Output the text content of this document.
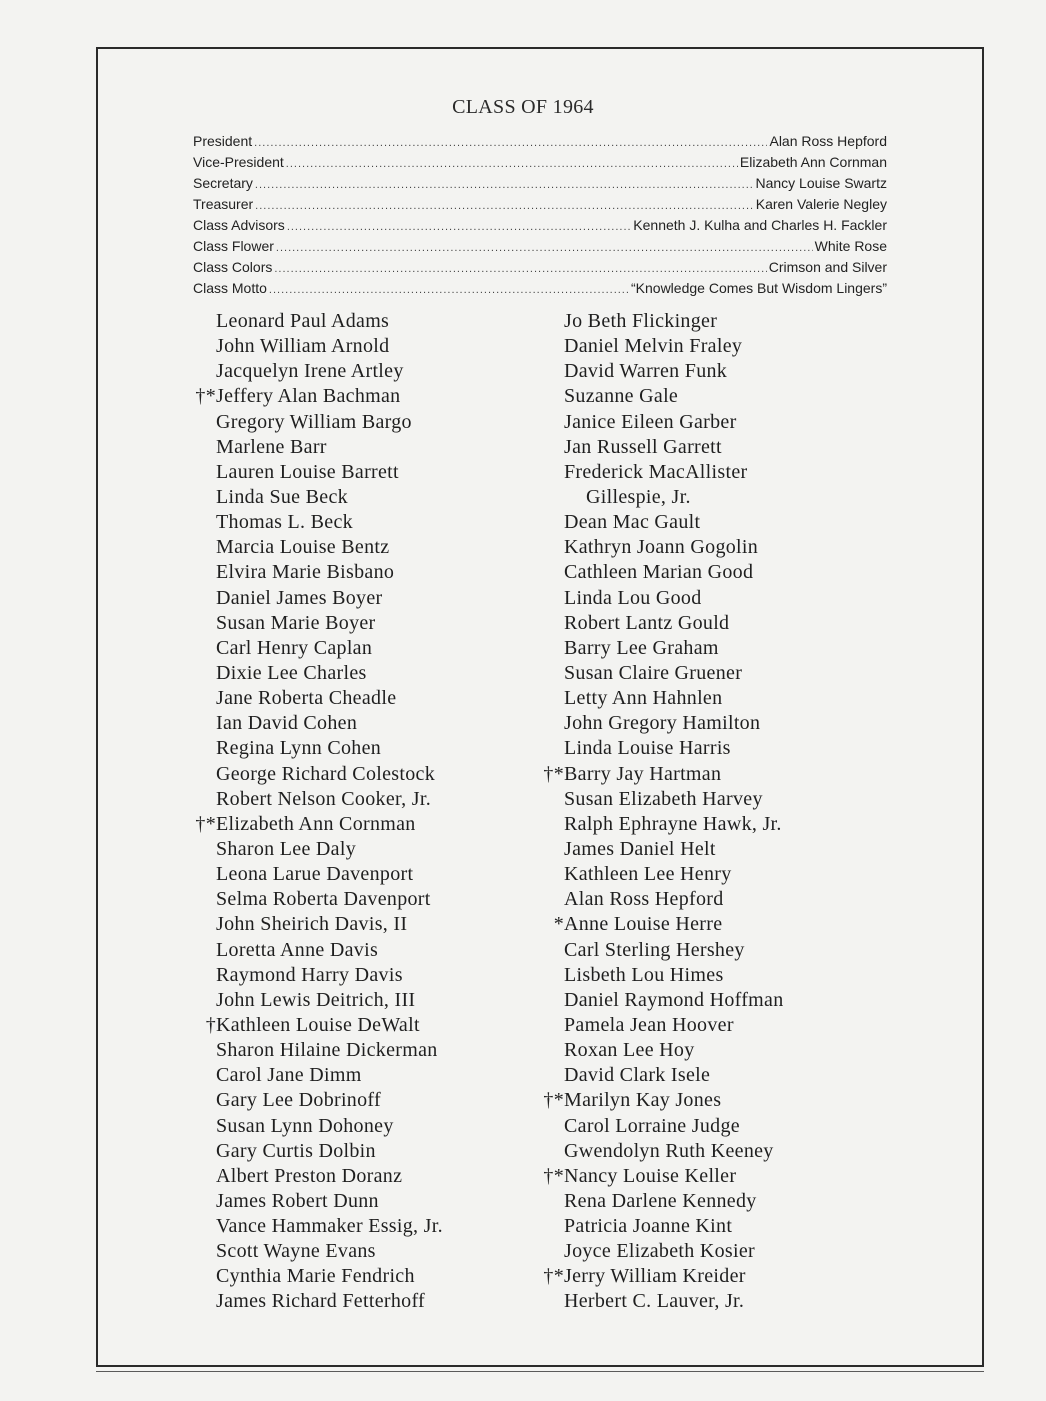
CLASS OF 1964
President .....	Alan Ross Hepford
Vice-President .....	Elizabeth Ann Cornman
Secretary .....	Nancy Louise Swartz
Treasurer .....	Karen Valerie Negley
Class Advisors .....	Kenneth J. Kulha and Charles H. Fackler
Class Flower .....	White Rose
Class Colors .....	Crimson and Silver
Class Motto .....	“Knowledge Comes But Wisdom Lingers”
Leonard Paul Adams
John William Arnold
Jacquelyn Irene Artley
†* Jeffery Alan Bachman
Gregory William Bargo
Marlene Barr
Lauren Louise Barrett
Linda Sue Beck
Thomas L. Beck
Marcia Louise Bentz
Elvira Marie Bisbano
Daniel James Boyer
Susan Marie Boyer
Carl Henry Caplan
Dixie Lee Charles
Jane Roberta Cheadle
Ian David Cohen
Regina Lynn Cohen
George Richard Colestock
Robert Nelson Cooker, Jr.
†* Elizabeth Ann Cornman
Sharon Lee Daly
Leona Larue Davenport
Selma Roberta Davenport
John Sheirich Davis, II
Loretta Anne Davis
Raymond Harry Davis
John Lewis Deitrich, III
† Kathleen Louise DeWalt
Sharon Hilaine Dickerman
Carol Jane Dimm
Gary Lee Dobrinoff
Susan Lynn Dohoney
Gary Curtis Dolbin
Albert Preston Doranz
James Robert Dunn
Vance Hammaker Essig, Jr.
Scott Wayne Evans
Cynthia Marie Fendrich
James Richard Fetterhoff
Jo Beth Flickinger
Daniel Melvin Fraley
David Warren Funk
Suzanne Gale
Janice Eileen Garber
Jan Russell Garrett
Frederick MacAllister
Gillespie, Jr.
Dean Mac Gault
Kathryn Joann Gogolin
Cathleen Marian Good
Linda Lou Good
Robert Lantz Gould
Barry Lee Graham
Susan Claire Gruener
Letty Ann Hahnlen
John Gregory Hamilton
Linda Louise Harris
†* Barry Jay Hartman
Susan Elizabeth Harvey
Ralph Ephrayne Hawk, Jr.
James Daniel Helt
Kathleen Lee Henry
Alan Ross Hepford
* Anne Louise Herre
Carl Sterling Hershey
Lisbeth Lou Himes
Daniel Raymond Hoffman
Pamela Jean Hoover
Roxan Lee Hoy
David Clark Isele
†* Marilyn Kay Jones
Carol Lorraine Judge
Gwendolyn Ruth Keeney
†* Nancy Louise Keller
Rena Darlene Kennedy
Patricia Joanne Kint
Joyce Elizabeth Kosier
†* Jerry William Kreider
Herbert C. Lauver, Jr.
